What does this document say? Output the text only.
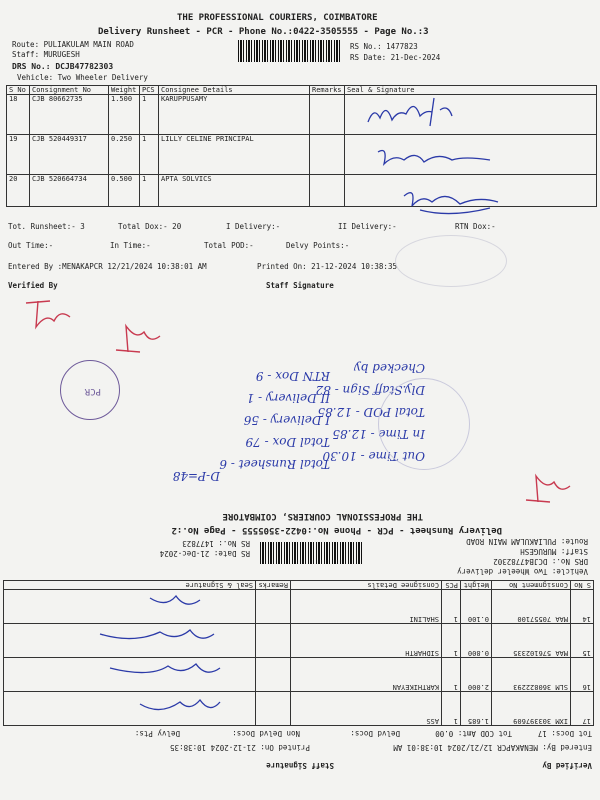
THE PROFESSIONAL COURIERS, COIMBATORE
Delivery Runsheet - PCR - Phone No.:0422-3505555 - Page No.:3
Route: PULIAKULAM MAIN ROAD
Staff: MURUGESH
DRS No.: DCJB47782303
Vehicle: Two Wheeler Delivery
RS No.: 1477823
RS Date: 21-Dec-2024
S No	Consignment No	Weight	PCS	Consignee Details	Remarks	Seal & Signature
18	CJB 80662735	1.500	1	KARUPPUSAMY		
19	CJB 520449317	0.250	1	LILLY CELINE PRINCIPAL		
20	CJB 520664734	0.500	1	APTA SOLVICS		
Tot. Runsheet:- 3	Total Dox:- 20	I Delivery:-	II Delivery:-	RTN Dox:-
Out Time:-	In Time:-	Total POD:-	Delvy Points:-
Entered By :MENAKAPCR 12/21/2024 10:38:01 AM	Printed On: 21-12-2024 10:38:35
Verified By	Staff Signature
Total Runsheet - 6
Total Dox - 79
I Delivery - 56
II Delivery - 1
RTN Dox - 9
Out Time - 10.30
In Time - 12.85
Total POD - 12.85
Dly.Staff Sign - 82
Checked by
D-P=48
PCR
THE PROFESSIONAL COURIERS, COIMBATORE
Delivery Runsheet - PCR - Phone No.:0422-3505555 - Page No.:2
Route: PULIAKULAM MAIN ROAD
Staff: MURUGESH
DRS No.: DCJB47782302
Vehicle: Two Wheeler delivery
RS No.: 1477823
RS Date: 21-Dec-2024
17	IXM 303397609	1.685	1	ASS		
16	SLM 360822293	2.000	1	KARTHIKEYAN		
15	MAA 576102335	0.800	1	SIDHARTH		
14	MAA 70557100	0.100	1	SHALINI		
S No	Consignment No	Weight	PCS	Consignee Details	Remarks	Seal & Signature
Tot Docs: 17
Tot COD Amt: 0.00
Delvd Docs:
Non Delvd Docs:
Delvy Pts:
Entered By: MENAKAPCR 12/21/2024 10:38:01 AM
Printed On: 21-12-2024 10:38:35
Staff Signature	Verified By
